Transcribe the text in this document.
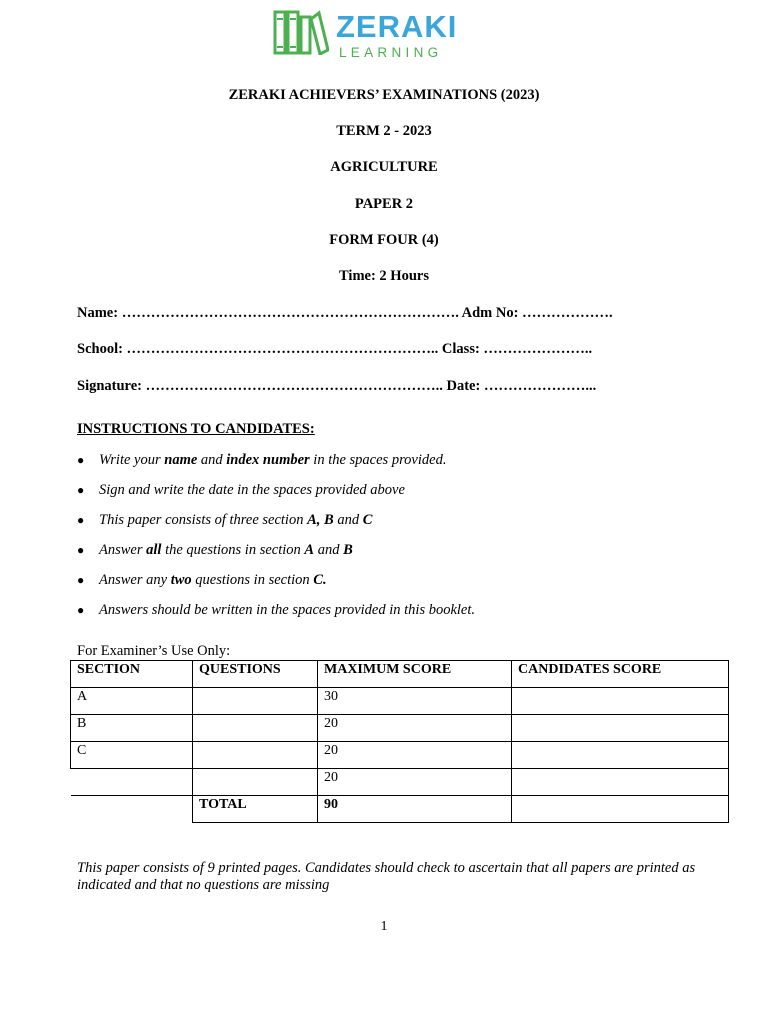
ZERAKI
LEARNING
ZERAKI ACHIEVERS’ EXAMINATIONS (2023)
TERM 2 - 2023
AGRICULTURE
PAPER 2
FORM FOUR (4)
Time: 2 Hours
Name: ……………………………………………………………. Adm No: ……………….
School: ……………………………………………………….. Class: …………………..
Signature: …………………………………………………….. Date: …………………...
INSTRUCTIONS TO CANDIDATES:
● Write your name and index number in the spaces provided.
● Sign and write the date in the spaces provided above
● This paper consists of three section A, B and C
● Answer all the questions in section A and B
● Answer any two questions in section C.
● Answers should be written in the spaces provided in this booklet.
For Examiner’s Use Only:
SECTION	QUESTIONS	MAXIMUM SCORE	CANDIDATES SCORE
A		30	
B		20	
C		20	
		20	
	TOTAL	90	
This paper consists of 9 printed pages. Candidates should check to ascertain that all papers are printed as indicated and that no questions are missing
1
